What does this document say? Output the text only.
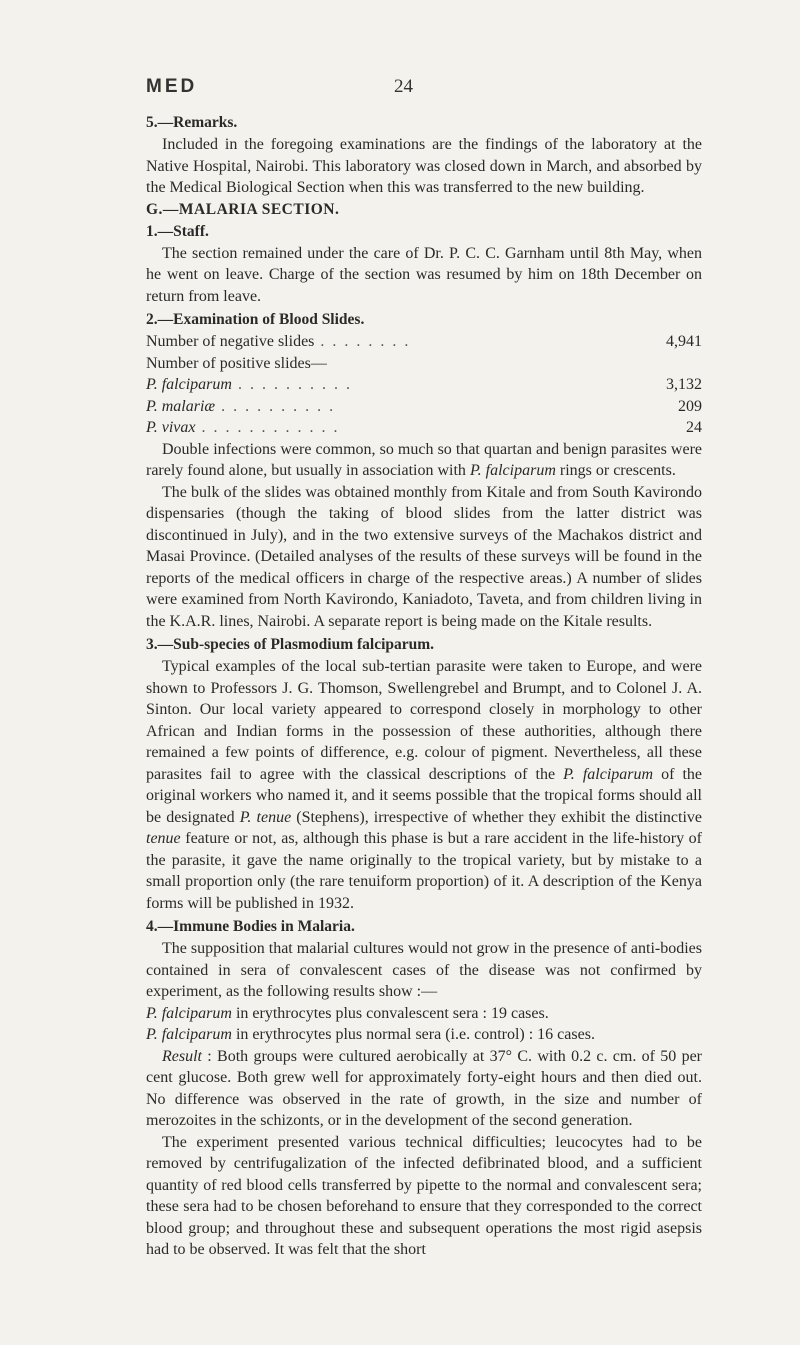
MED	24

5.—Remarks.

Included in the foregoing examinations are the findings of the laboratory at the Native Hospital, Nairobi. This laboratory was closed down in March, and absorbed by the Medical Biological Section when this was transferred to the new building.

G.—MALARIA SECTION.

1.—Staff.

The section remained under the care of Dr. P. C. C. Garnham until 8th May, when he went on leave. Charge of the section was resumed by him on 18th December on return from leave.

2.—Examination of Blood Slides.

Number of negative slides ........	4,941
Number of positive slides—
P. falciparum ..........	3,132
P. malariæ ..........	209
P. vivax ............	24

Double infections were common, so much so that quartan and benign parasites were rarely found alone, but usually in association with P. falciparum rings or crescents.

The bulk of the slides was obtained monthly from Kitale and from South Kavirondo dispensaries (though the taking of blood slides from the latter district was discontinued in July), and in the two extensive surveys of the Machakos district and Masai Province. (Detailed analyses of the results of these surveys will be found in the reports of the medical officers in charge of the respective areas.) A number of slides were examined from North Kavirondo, Kaniadoto, Taveta, and from children living in the K.A.R. lines, Nairobi. A separate report is being made on the Kitale results.

3.—Sub-species of Plasmodium falciparum.

Typical examples of the local sub-tertian parasite were taken to Europe, and were shown to Professors J. G. Thomson, Swellengrebel and Brumpt, and to Colonel J. A. Sinton. Our local variety appeared to correspond closely in morphology to other African and Indian forms in the possession of these authorities, although there remained a few points of difference, e.g. colour of pigment. Nevertheless, all these parasites fail to agree with the classical descriptions of the P. falciparum of the original workers who named it, and it seems possible that the tropical forms should all be designated P. tenue (Stephens), irrespective of whether they exhibit the distinctive tenue feature or not, as, although this phase is but a rare accident in the life-history of the parasite, it gave the name originally to the tropical variety, but by mistake to a small proportion only (the rare tenuiform proportion) of it. A description of the Kenya forms will be published in 1932.

4.—Immune Bodies in Malaria.

The supposition that malarial cultures would not grow in the presence of anti-bodies contained in sera of convalescent cases of the disease was not confirmed by experiment, as the following results show :—

P. falciparum in erythrocytes plus convalescent sera : 19 cases.

P. falciparum in erythrocytes plus normal sera (i.e. control) : 16 cases.

Result : Both groups were cultured aerobically at 37° C. with 0.2 c. cm. of 50 per cent glucose. Both grew well for approximately forty-eight hours and then died out. No difference was observed in the rate of growth, in the size and number of merozoites in the schizonts, or in the development of the second generation.

The experiment presented various technical difficulties; leucocytes had to be removed by centrifugalization of the infected defibrinated blood, and a sufficient quantity of red blood cells transferred by pipette to the normal and convalescent sera; these sera had to be chosen beforehand to ensure that they corresponded to the correct blood group; and throughout these and subsequent operations the most rigid asepsis had to be observed. It was felt that the short
